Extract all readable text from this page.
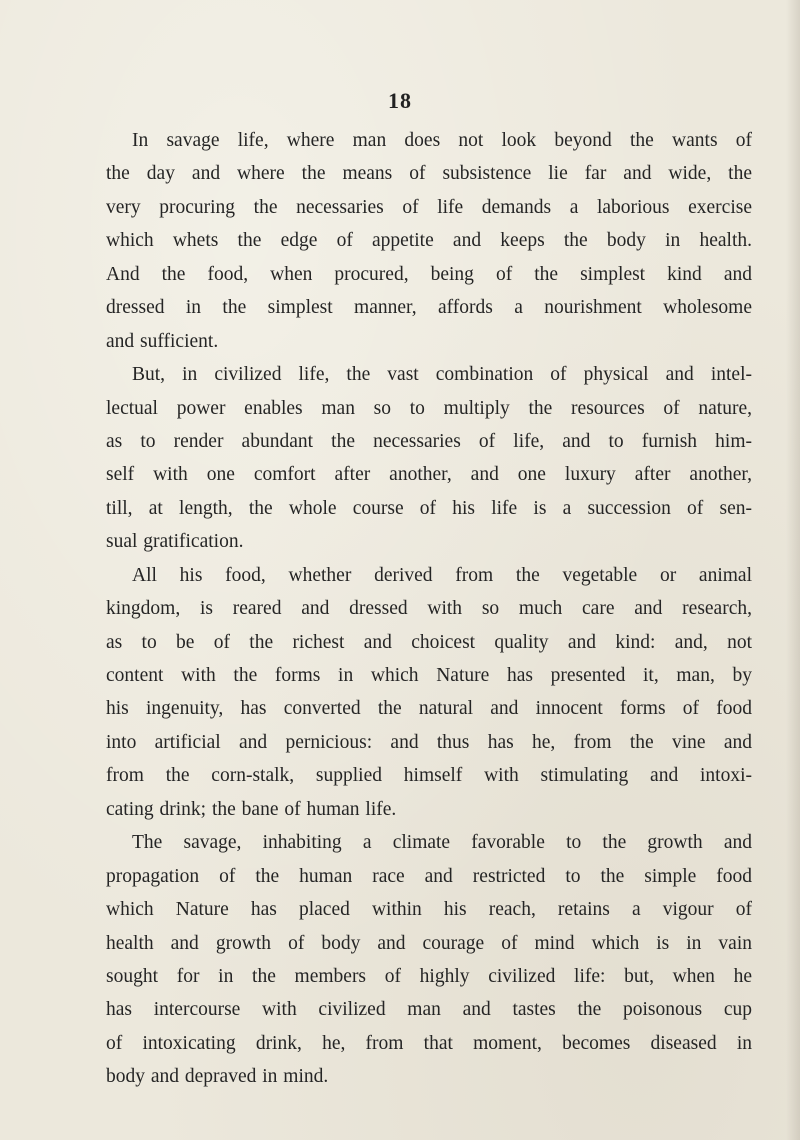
18
In savage life, where man does not look beyond the wants of
the day and where the means of subsistence lie far and wide, the
very procuring the necessaries of life demands a laborious exercise
which whets the edge of appetite and keeps the body in health.
And the food, when procured, being of the simplest kind and
dressed in the simplest manner, affords a nourishment wholesome
and sufficient.
But, in civilized life, the vast combination of physical and intel-
lectual power enables man so to multiply the resources of nature,
as to render abundant the necessaries of life, and to furnish him-
self with one comfort after another, and one luxury after another,
till, at length, the whole course of his life is a succession of sen-
sual gratification.
All his food, whether derived from the vegetable or animal
kingdom, is reared and dressed with so much care and research,
as to be of the richest and choicest quality and kind: and, not
content with the forms in which Nature has presented it, man, by
his ingenuity, has converted the natural and innocent forms of food
into artificial and pernicious: and thus has he, from the vine and
from the corn-stalk, supplied himself with stimulating and intoxi-
cating drink; the bane of human life.
The savage, inhabiting a climate favorable to the growth and
propagation of the human race and restricted to the simple food
which Nature has placed within his reach, retains a vigour of
health and growth of body and courage of mind which is in vain
sought for in the members of highly civilized life: but, when he
has intercourse with civilized man and tastes the poisonous cup
of intoxicating drink, he, from that moment, becomes diseased in
body and depraved in mind.
